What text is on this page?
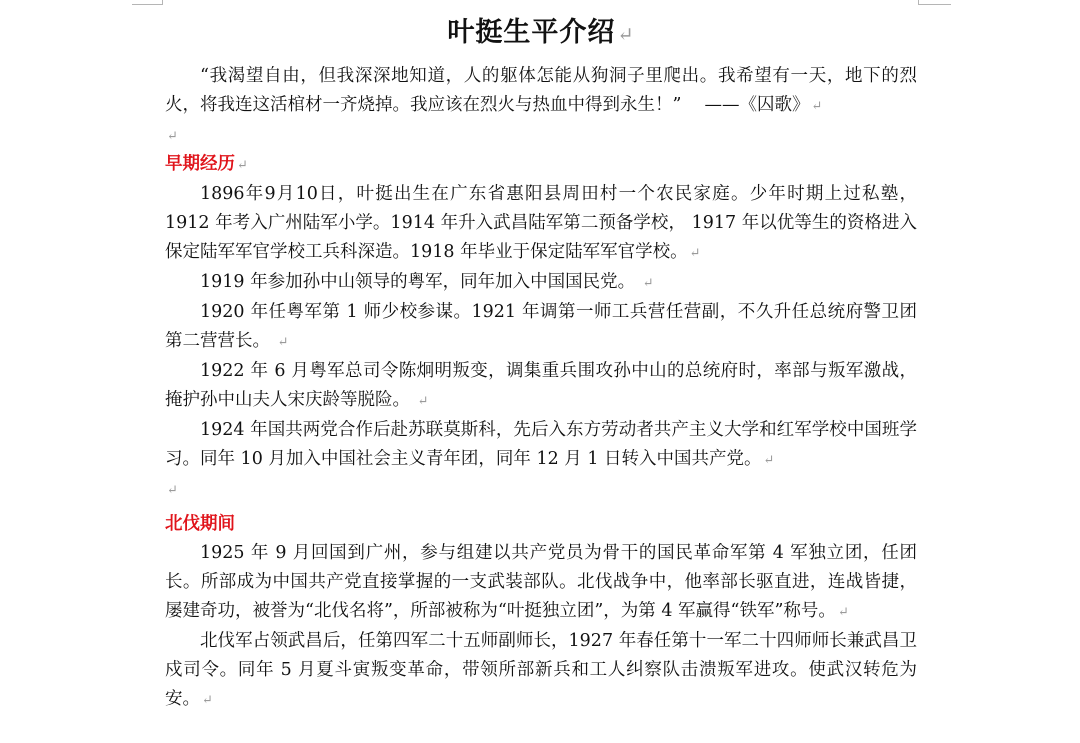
叶挺生平介绍 ↵

“我渴望自由，但我深深地知道，人的躯体怎能从狗洞子里爬出。我希望有一天，地下的烈火，将我连这活棺材一齐烧掉。我应该在烈火与热血中得到永生！”　 ——《囚歌》 ↵

↵

早期经历 ↵

1896年9月10日，叶挺出生在广东省惠阳县周田村一个农民家庭。少年时期上过私塾，1912 年考入广州陆军小学。1914 年升入武昌陆军第二预备学校， 1917 年以优等生的资格进入保定陆军军官学校工兵科深造。1918 年毕业于保定陆军军官学校。 ↵

1919 年参加孙中山领导的粤军，同年加入中国国民党。 ↵

1920 年任粤军第 1 师少校参谋。1921 年调第一师工兵营任营副，不久升任总统府警卫团第二营营长。 ↵

1922 年 6 月粤军总司令陈炯明叛变，调集重兵围攻孙中山的总统府时，率部与叛军激战，掩护孙中山夫人宋庆龄等脱险。 ↵

1924 年国共两党合作后赴苏联莫斯科，先后入东方劳动者共产主义大学和红军学校中国班学习。同年 10 月加入中国社会主义青年团，同年 12 月 1 日转入中国共产党。 ↵

↵

北伐期间

1925 年 9 月回国到广州，参与组建以共产党员为骨干的国民革命军第 4 军独立团，任团长。所部成为中国共产党直接掌握的一支武装部队。北伐战争中，他率部长驱直进，连战皆捷，屡建奇功，被誉为“北伐名将”，所部被称为“叶挺独立团”，为第 4 军赢得“铁军”称号。 ↵

北伐军占领武昌后，任第四军二十五师副师长，1927 年春任第十一军二十四师师长兼武昌卫戍司令。同年 5 月夏斗寅叛变革命，带领所部新兵和工人纠察队击溃叛军进攻。使武汉转危为安。 ↵
